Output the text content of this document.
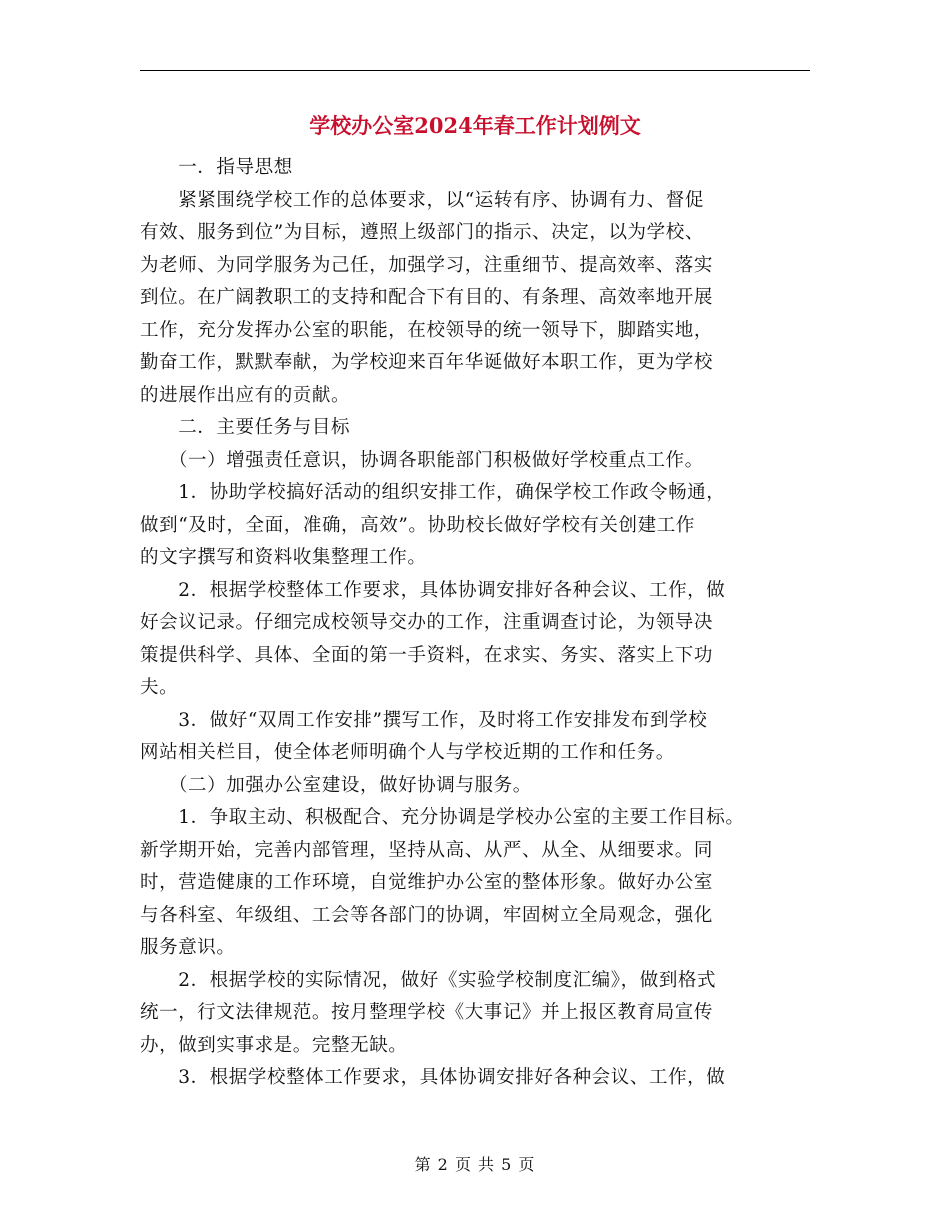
学校办公室2024年春工作计划例文
　　一．指导思想
　　紧紧围绕学校工作的总体要求，以“运转有序、协调有力、督促
有效、服务到位”为目标，遵照上级部门的指示、决定，以为学校、
为老师、为同学服务为己任，加强学习，注重细节、提高效率、落实
到位。在广阔教职工的支持和配合下有目的、有条理、高效率地开展
工作，充分发挥办公室的职能，在校领导的统一领导下，脚踏实地，
勤奋工作，默默奉献，为学校迎来百年华诞做好本职工作，更为学校
的进展作出应有的贡献。
　　二．主要任务与目标
　　（一）增强责任意识，协调各职能部门积极做好学校重点工作。
　　1．协助学校搞好活动的组织安排工作，确保学校工作政令畅通，
做到“及时，全面，准确，高效”。协助校长做好学校有关创建工作
的文字撰写和资料收集整理工作。
　　2．根据学校整体工作要求，具体协调安排好各种会议、工作，做
好会议记录。仔细完成校领导交办的工作，注重调查讨论，为领导决
策提供科学、具体、全面的第一手资料，在求实、务实、落实上下功
夫。
　　3．做好“双周工作安排”撰写工作，及时将工作安排发布到学校
网站相关栏目，使全体老师明确个人与学校近期的工作和任务。
　　（二）加强办公室建设，做好协调与服务。
　　1．争取主动、积极配合、充分协调是学校办公室的主要工作目标。
新学期开始，完善内部管理，坚持从高、从严、从全、从细要求。同
时，营造健康的工作环境，自觉维护办公室的整体形象。做好办公室
与各科室、年级组、工会等各部门的协调，牢固树立全局观念，强化
服务意识。
　　2．根据学校的实际情况，做好《实验学校制度汇编》，做到格式
统一，行文法律规范。按月整理学校《大事记》并上报区教育局宣传
办，做到实事求是。完整无缺。
　　3．根据学校整体工作要求，具体协调安排好各种会议、工作，做
第 2 页 共 5 页
